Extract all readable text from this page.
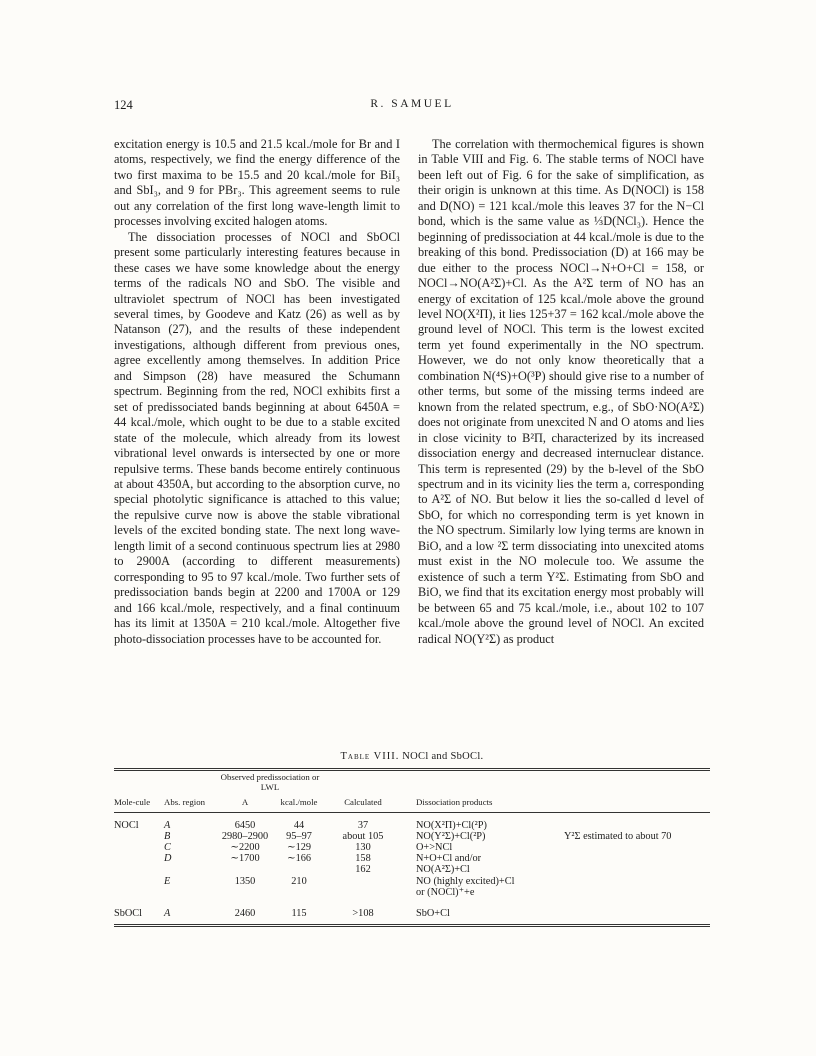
124	R. SAMUEL

excitation energy is 10.5 and 21.5 kcal./mole for Br and I atoms, respectively, we find the energy difference of the two first maxima to be 15.5 and 20 kcal./mole for BiI₃ and SbI₃, and 9 for PBr₃. This agreement seems to rule out any correlation of the first long wave-length limit to processes involving excited halogen atoms.

The dissociation processes of NOCl and SbOCl present some particularly interesting features because in these cases we have some knowledge about the energy terms of the radicals NO and SbO. The visible and ultraviolet spectrum of NOCl has been investigated several times, by Goodeve and Katz (26) as well as by Natanson (27), and the results of these independent investigations, although different from previous ones, agree excellently among themselves. In addition Price and Simpson (28) have measured the Schumann spectrum. Beginning from the red, NOCl exhibits first a set of predissociated bands beginning at about 6450A = 44 kcal./mole, which ought to be due to a stable excited state of the molecule, which already from its lowest vibrational level onwards is intersected by one or more repulsive terms. These bands become entirely continuous at about 4350A, but according to the absorption curve, no special photolytic significance is attached to this value; the repulsive curve now is above the stable vibrational levels of the excited bonding state. The next long wave-length limit of a second continuous spectrum lies at 2980 to 2900A (according to different measurements) corresponding to 95 to 97 kcal./mole. Two further sets of predissociation bands begin at 2200 and 1700A or 129 and 166 kcal./mole, respectively, and a final continuum has its limit at 1350A = 210 kcal./mole. Altogether five photo-dissociation processes have to be accounted for.

The correlation with thermochemical figures is shown in Table VIII and Fig. 6. The stable terms of NOCl have been left out of Fig. 6 for the sake of simplification, as their origin is unknown at this time. As D(NOCl) is 158 and D(NO) = 121 kcal./mole this leaves 37 for the N−Cl bond, which is the same value as ⅓D(NCl₃). Hence the beginning of predissociation at 44 kcal./mole is due to the breaking of this bond. Predissociation (D) at 166 may be due either to the process NOCl→N+O+Cl = 158, or NOCl→NO(A²Σ)+Cl. As the A²Σ term of NO has an energy of excitation of 125 kcal./mole above the ground level NO(X²Π), it lies 125+37 = 162 kcal./mole above the ground level of NOCl. This term is the lowest excited term yet found experimentally in the NO spectrum. However, we do not only know theoretically that a combination N(⁴S)+O(³P) should give rise to a number of other terms, but some of the missing terms indeed are known from the related spectrum, e.g., of SbO·NO(A²Σ) does not originate from unexcited N and O atoms and lies in close vicinity to B²Π, characterized by its increased dissociation energy and decreased internuclear distance. This term is represented (29) by the b-level of the SbO spectrum and in its vicinity lies the term a, corresponding to A²Σ of NO. But below it lies the so-called d level of SbO, for which no corresponding term is yet known in the NO spectrum. Similarly low lying terms are known in BiO, and a low ²Σ term dissociating into unexcited atoms must exist in the NO molecule too. We assume the existence of such a term Y²Σ. Estimating from SbO and BiO, we find that its excitation energy most probably will be between 65 and 75 kcal./mole, i.e., about 102 to 107 kcal./mole above the ground level of NOCl. An excited radical NO(Y²Σ) as product

Table VIII. NOCl and SbOCl.
Mole-cule	Abs. region	Observed predissociation or LWL		Calculated	Dissociation products	
		A	kcal./mole			

NOCl	A	6450	44	37	NO(X²Π)+Cl(²P)	
	B	2980–2900	95–97	about 105	NO(Y²Σ)+Cl(²P)	Y²Σ estimated to about 70
	C	∼2200	∼129	130	O+>NCl	
	D	∼1700	∼166	158	N+O+Cl and/or	
				162	NO(A²Σ)+Cl	
	E	1350	210		NO (highly excited)+Cl	
					or (NOCl)⁺+e	

SbOCl	A	2460	115	>108	SbO+Cl	
